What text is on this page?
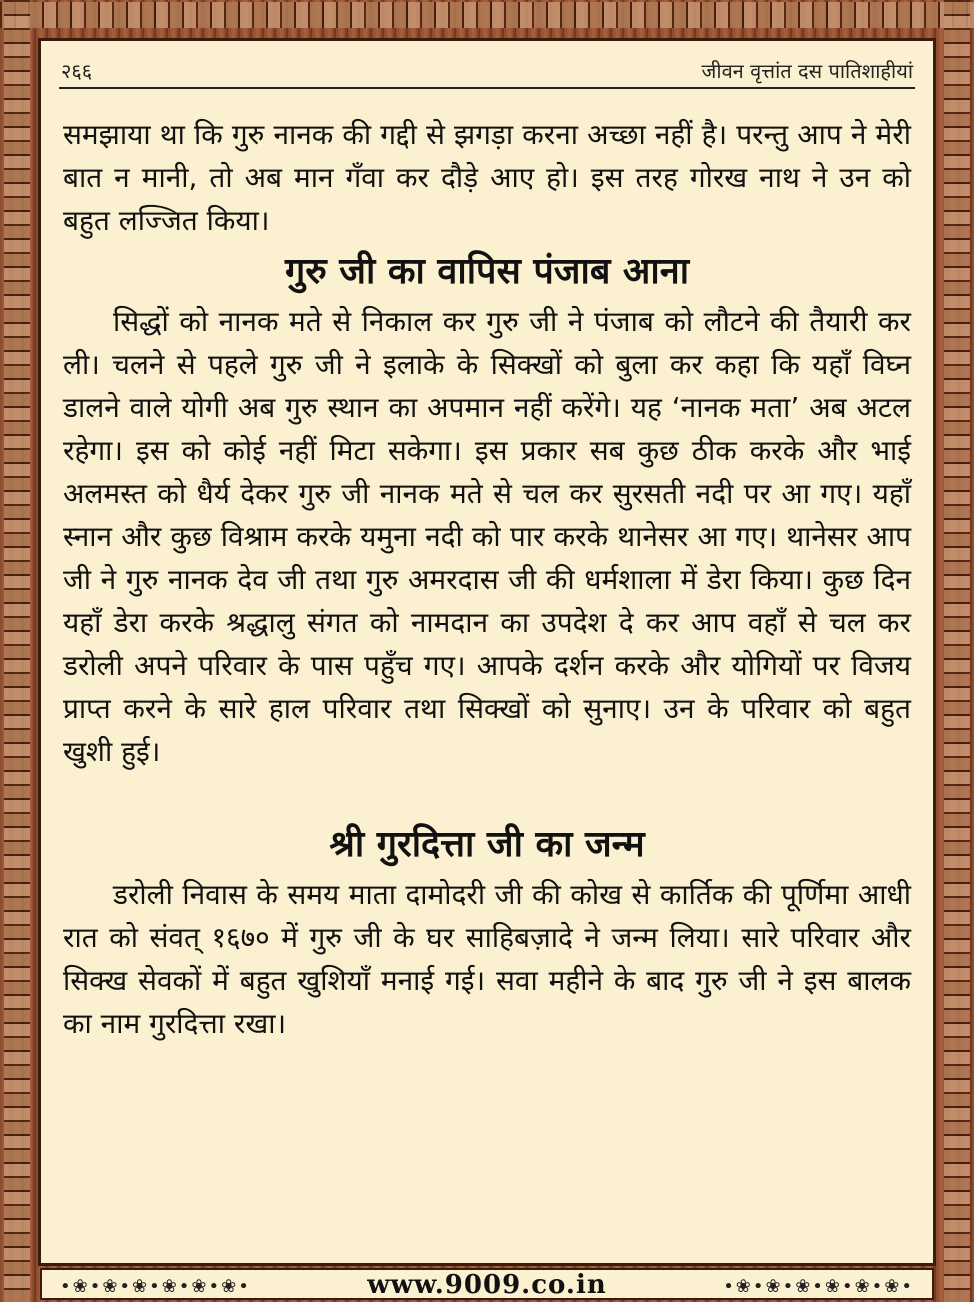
२६६	जीवन वृत्तांत दस पातिशाहीयां

समझाया था कि गुरु नानक की गद्दी से झगड़ा करना अच्छा नहीं है। परन्तु आप ने मेरी बात न मानी, तो अब मान गँवा कर दौड़े आए हो। इस तरह गोरख नाथ ने उन को बहुत लज्जित किया।

गुरु जी का वापिस पंजाब आना

सिद्धों को नानक मते से निकाल कर गुरु जी ने पंजाब को लौटने की तैयारी कर ली। चलने से पहले गुरु जी ने इलाके के सिक्खों को बुला कर कहा कि यहाँ विघ्न डालने वाले योगी अब गुरु स्थान का अपमान नहीं करेंगे। यह ‘नानक मता’ अब अटल रहेगा। इस को कोई नहीं मिटा सकेगा। इस प्रकार सब कुछ ठीक करके और भाई अलमस्त को धैर्य देकर गुरु जी नानक मते से चल कर सुरसती नदी पर आ गए। यहाँ स्नान और कुछ विश्राम करके यमुना नदी को पार करके थानेसर आ गए। थानेसर आप जी ने गुरु नानक देव जी तथा गुरु अमरदास जी की धर्मशाला में डेरा किया। कुछ दिन यहाँ डेरा करके श्रद्धालु संगत को नामदान का उपदेश दे कर आप वहाँ से चल कर डरोली अपने परिवार के पास पहुँच गए। आपके दर्शन करके और योगियों पर विजय प्राप्त करने के सारे हाल परिवार तथा सिक्खों को सुनाए। उन के परिवार को बहुत खुशी हुई।

श्री गुरदित्ता जी का जन्म

डरोली निवास के समय माता दामोदरी जी की कोख से कार्तिक की पूर्णिमा आधी रात को संवत् १६७० में गुरु जी के घर साहिबज़ादे ने जन्म लिया। सारे परिवार और सिक्ख सेवकों में बहुत खुशियाँ मनाई गई। सवा महीने के बाद गुरु जी ने इस बालक का नाम गुरदित्ता रखा।

•❀•❀•❀•❀•❀•❀•	www.9009.co.in	•❀•❀•❀•❀•❀•❀•
